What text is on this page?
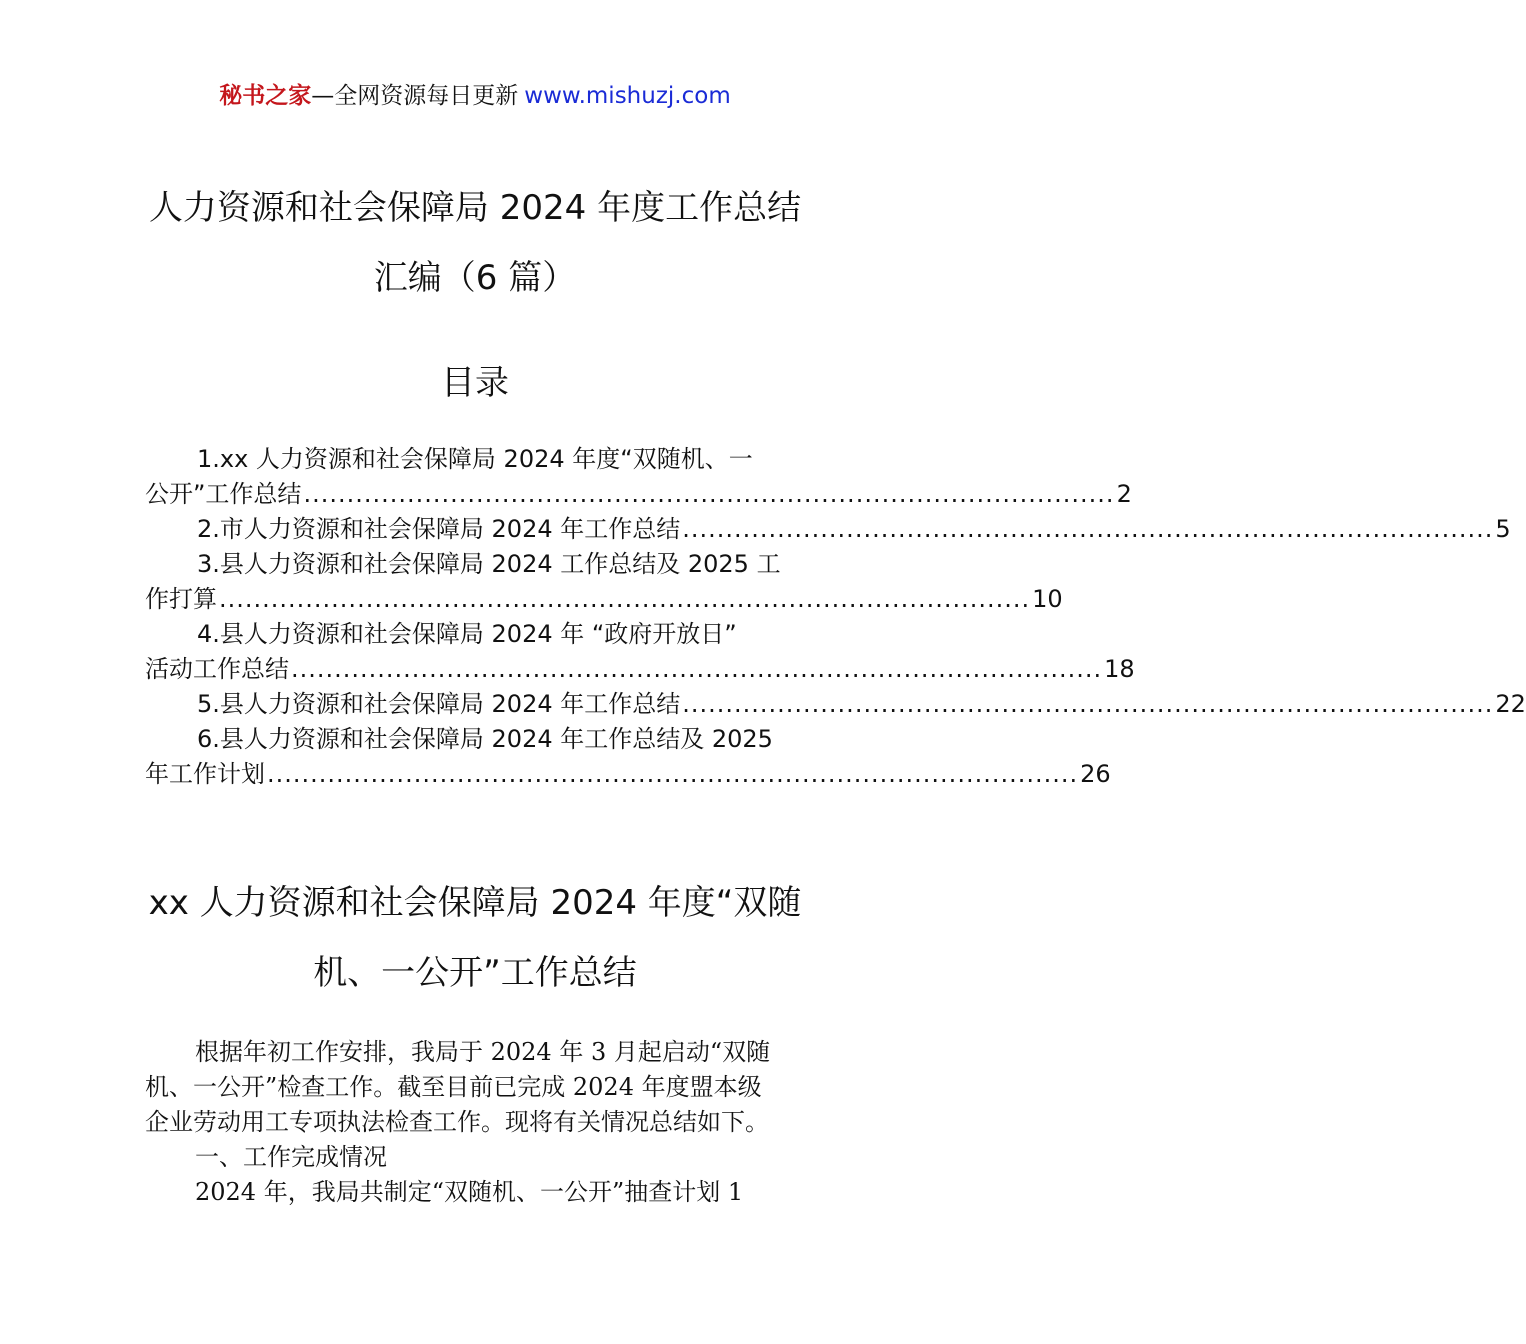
秘书之家—全网资源每日更新 www.mishuzj.com
人力资源和社会保障局 2024 年度工作总结
汇编（6 篇）
目录
1.xx 人力资源和社会保障局 2024 年度“双随机、一
公开”工作总结 .............................................................................................. 2
2.市人力资源和社会保障局 2024 年工作总结 .............................................................................................. 5
3.县人力资源和社会保障局 2024 工作总结及 2025 工
作打算 .............................................................................................. 10
4.县人力资源和社会保障局 2024 年 “政府开放日”
活动工作总结 .............................................................................................. 18
5.县人力资源和社会保障局 2024 年工作总结 .............................................................................................. 22
6.县人力资源和社会保障局 2024 年工作总结及 2025
年工作计划 .............................................................................................. 26
xx 人力资源和社会保障局 2024 年度“双随
机、一公开”工作总结

根据年初工作安排，我局于 2024 年 3 月起启动“双随

机、一公开”检查工作。截至目前已完成 2024 年度盟本级

企业劳动用工专项执法检查工作。现将有关情况总结如下。

一、工作完成情况

2024 年，我局共制定“双随机、一公开”抽查计划 1
